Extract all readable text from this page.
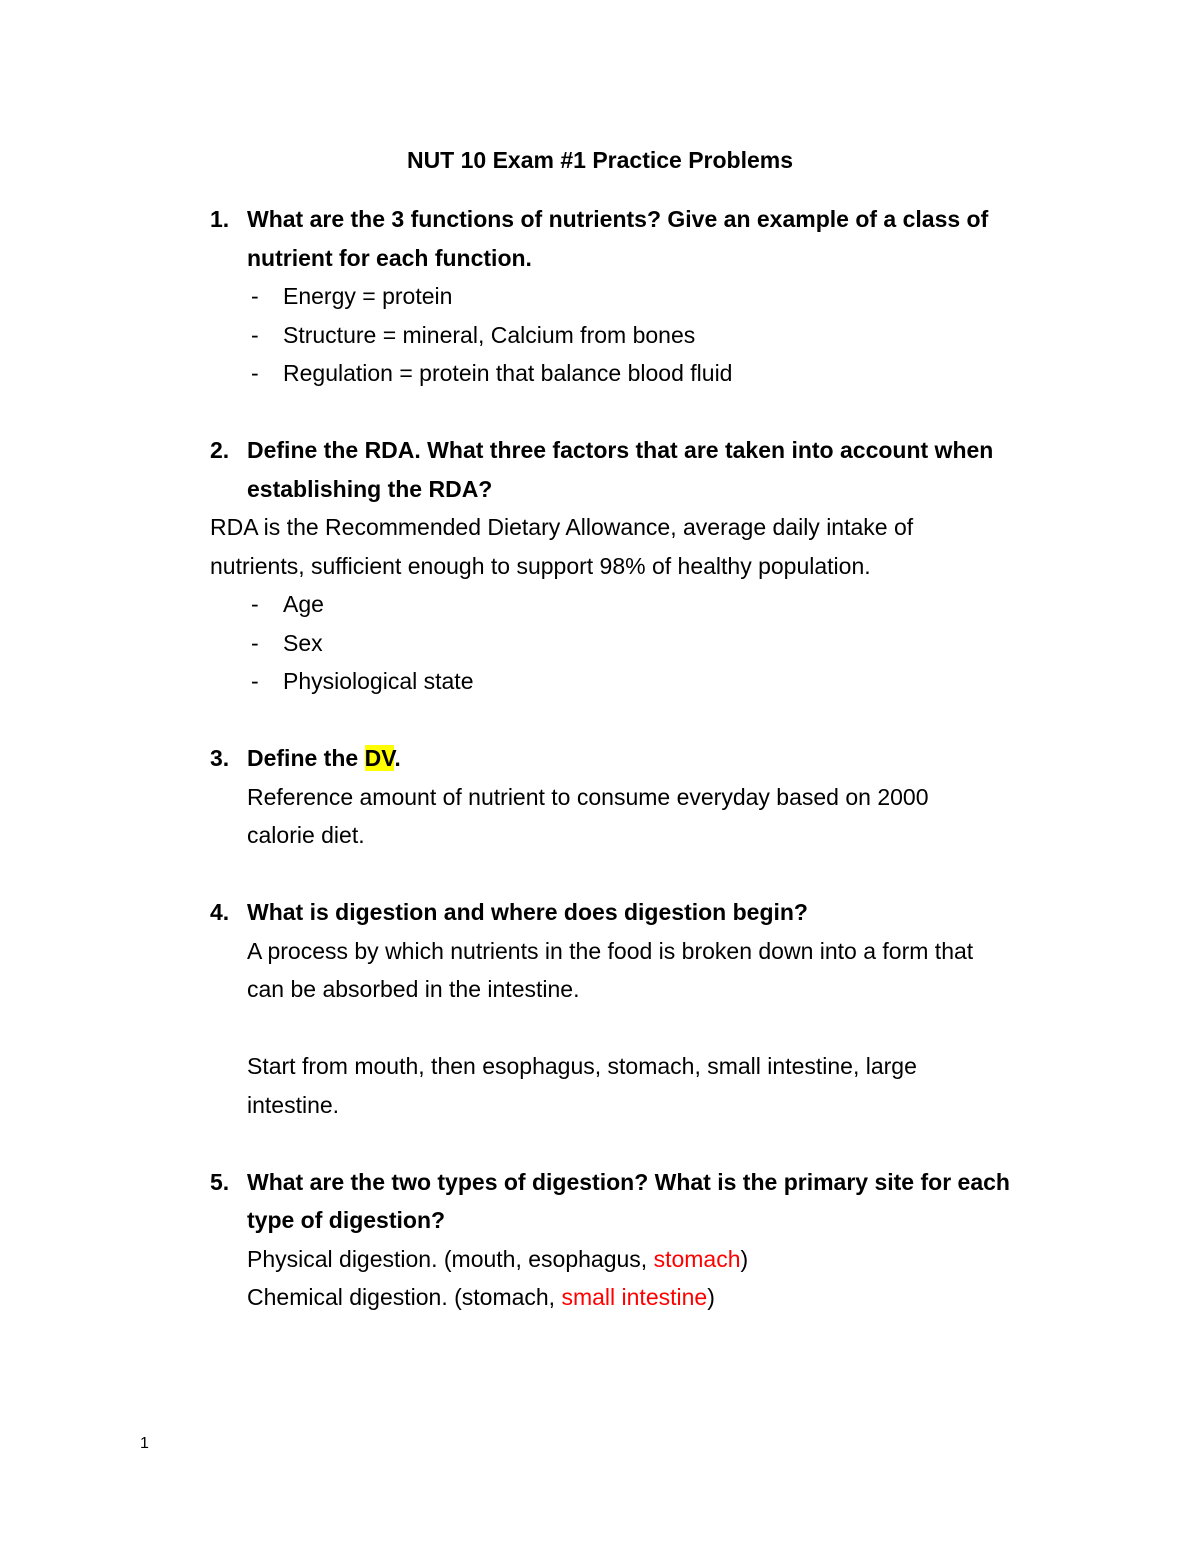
NUT 10 Exam #1 Practice Problems
1. What are the 3 functions of nutrients? Give an example of a class of
nutrient for each function.
- Energy = protein
- Structure = mineral, Calcium from bones
- Regulation = protein that balance blood fluid
2. Define the RDA. What three factors that are taken into account when
establishing the RDA?
RDA is the Recommended Dietary Allowance, average daily intake of
nutrients, sufficient enough to support 98% of healthy population.
- Age
- Sex
- Physiological state
3. Define the DV.
Reference amount of nutrient to consume everyday based on 2000
calorie diet.
4. What is digestion and where does digestion begin?
A process by which nutrients in the food is broken down into a form that
can be absorbed in the intestine.
Start from mouth, then esophagus, stomach, small intestine, large
intestine.
5. What are the two types of digestion? What is the primary site for each
type of digestion?
Physical digestion. (mouth, esophagus, stomach)
Chemical digestion. (stomach, small intestine)
1
